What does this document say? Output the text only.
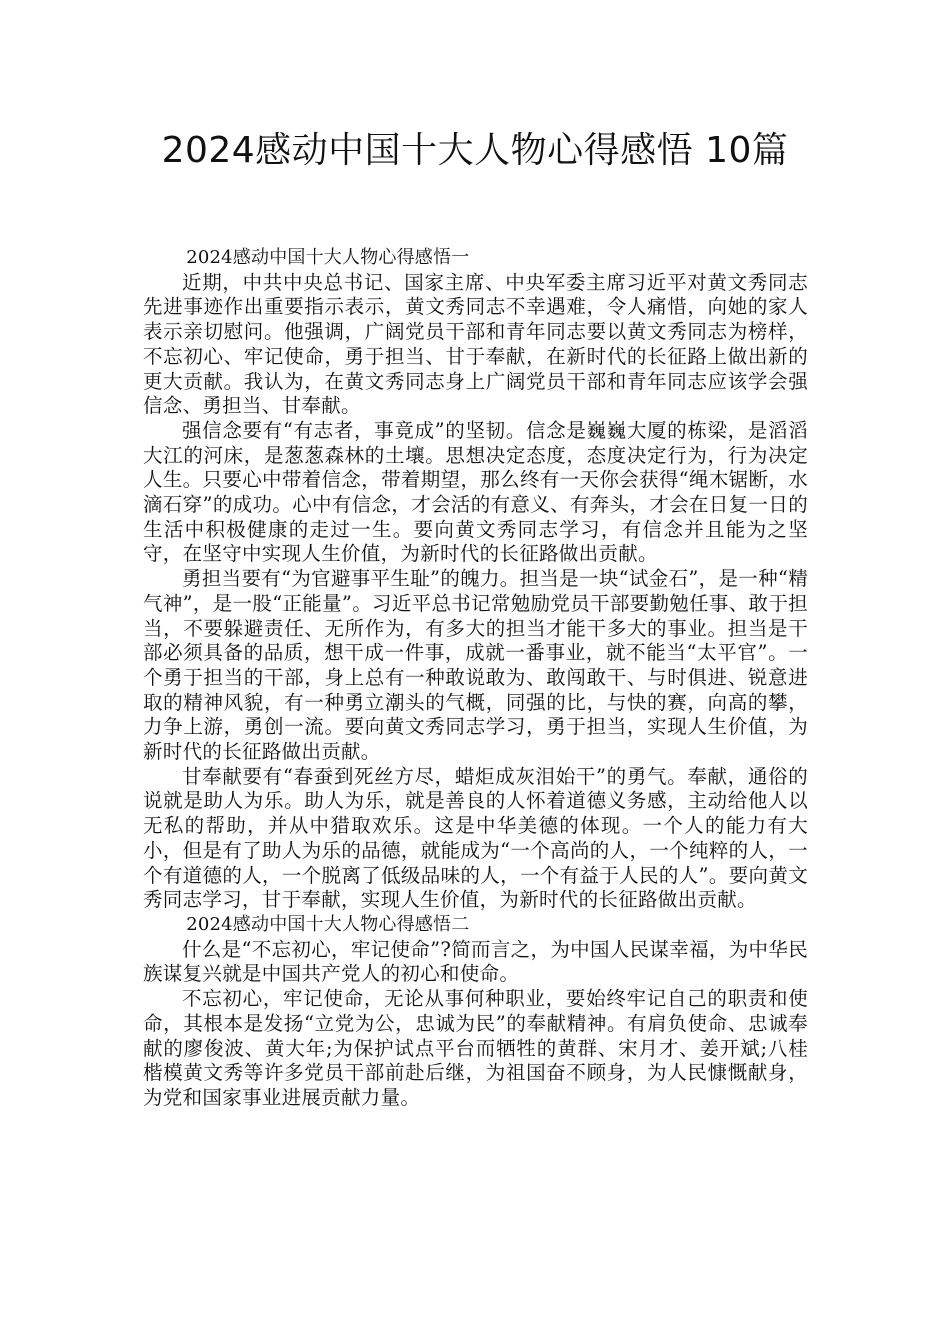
2024感动中国十大人物心得感悟 10篇

2024感动中国十大人物心得感悟一

近期，中共中央总书记、国家主席、中央军委主席习近平对黄文秀同志先进事迹作出重要指示表示，黄文秀同志不幸遇难，令人痛惜，向她的家人表示亲切慰问。他强调，广阔党员干部和青年同志要以黄文秀同志为榜样，不忘初心、牢记使命，勇于担当、甘于奉献，在新时代的长征路上做出新的更大贡献。我认为，在黄文秀同志身上广阔党员干部和青年同志应该学会强信念、勇担当、甘奉献。

强信念要有“有志者，事竟成”的坚韧。信念是巍巍大厦的栋梁，是滔滔大江的河床，是葱葱森林的土壤。思想决定态度，态度决定行为，行为决定人生。只要心中带着信念，带着期望，那么终有一天你会获得“绳木锯断，水滴石穿”的成功。心中有信念，才会活的有意义、有奔头，才会在日复一日的生活中积极健康的走过一生。要向黄文秀同志学习，有信念并且能为之坚守，在坚守中实现人生价值，为新时代的长征路做出贡献。

勇担当要有“为官避事平生耻”的魄力。担当是一块“试金石”，是一种“精气神”，是一股“正能量”。习近平总书记常勉励党员干部要勤勉任事、敢于担当，不要躲避责任、无所作为，有多大的担当才能干多大的事业。担当是干部必须具备的品质，想干成一件事，成就一番事业，就不能当“太平官”。一个勇于担当的干部，身上总有一种敢说敢为、敢闯敢干、与时俱进、锐意进取的精神风貌，有一种勇立潮头的气概，同强的比，与快的赛，向高的攀，力争上游，勇创一流。要向黄文秀同志学习，勇于担当，实现人生价值，为新时代的长征路做出贡献。

甘奉献要有“春蚕到死丝方尽，蜡炬成灰泪始干”的勇气。奉献，通俗的说就是助人为乐。助人为乐，就是善良的人怀着道德义务感，主动给他人以无私的帮助，并从中猎取欢乐。这是中华美德的体现。一个人的能力有大小，但是有了助人为乐的品德，就能成为“一个高尚的人，一个纯粹的人，一个有道德的人，一个脱离了低级品味的人，一个有益于人民的人”。要向黄文秀同志学习，甘于奉献，实现人生价值，为新时代的长征路做出贡献。

2024感动中国十大人物心得感悟二

什么是“不忘初心，牢记使命”?简而言之，为中国人民谋幸福，为中华民族谋复兴就是中国共产党人的初心和使命。

不忘初心，牢记使命，无论从事何种职业，要始终牢记自己的职责和使命，其根本是发扬“立党为公，忠诚为民”的奉献精神。有肩负使命、忠诚奉献的廖俊波、黄大年;为保护试点平台而牺牲的黄群、宋月才、姜开斌;八桂楷模黄文秀等许多党员干部前赴后继，为祖国奋不顾身，为人民慷慨献身，为党和国家事业进展贡献力量。
